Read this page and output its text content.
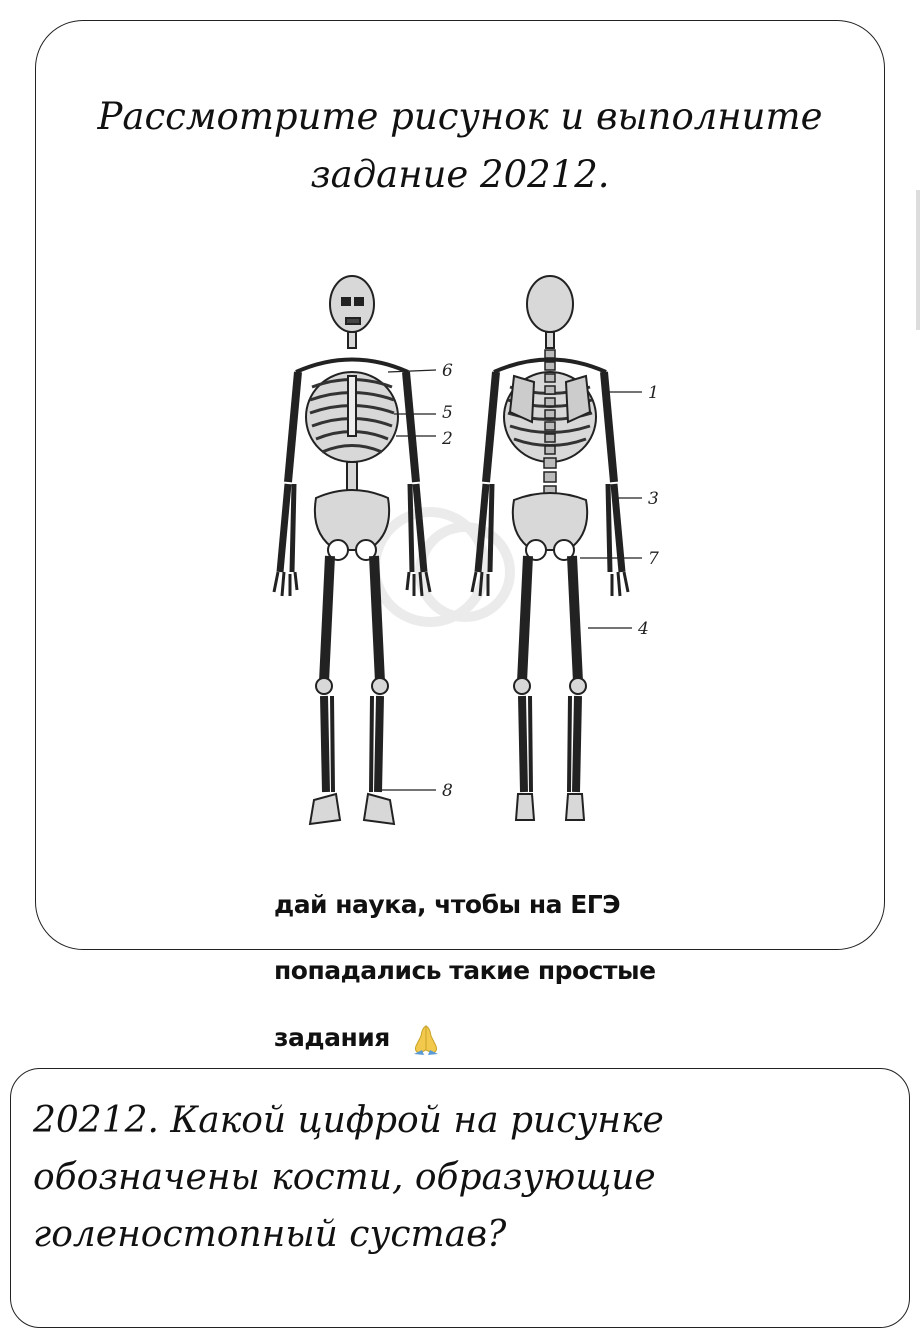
Рассмотрите рисунок и выполните
задание 20212.
6
5
2
1
3
7
4
8
дай наука, чтобы на ЕГЭ
попадались такие простые
задания
20212. Какой цифрой на рисунке
обозначены кости, образующие
голеностопный сустав?
